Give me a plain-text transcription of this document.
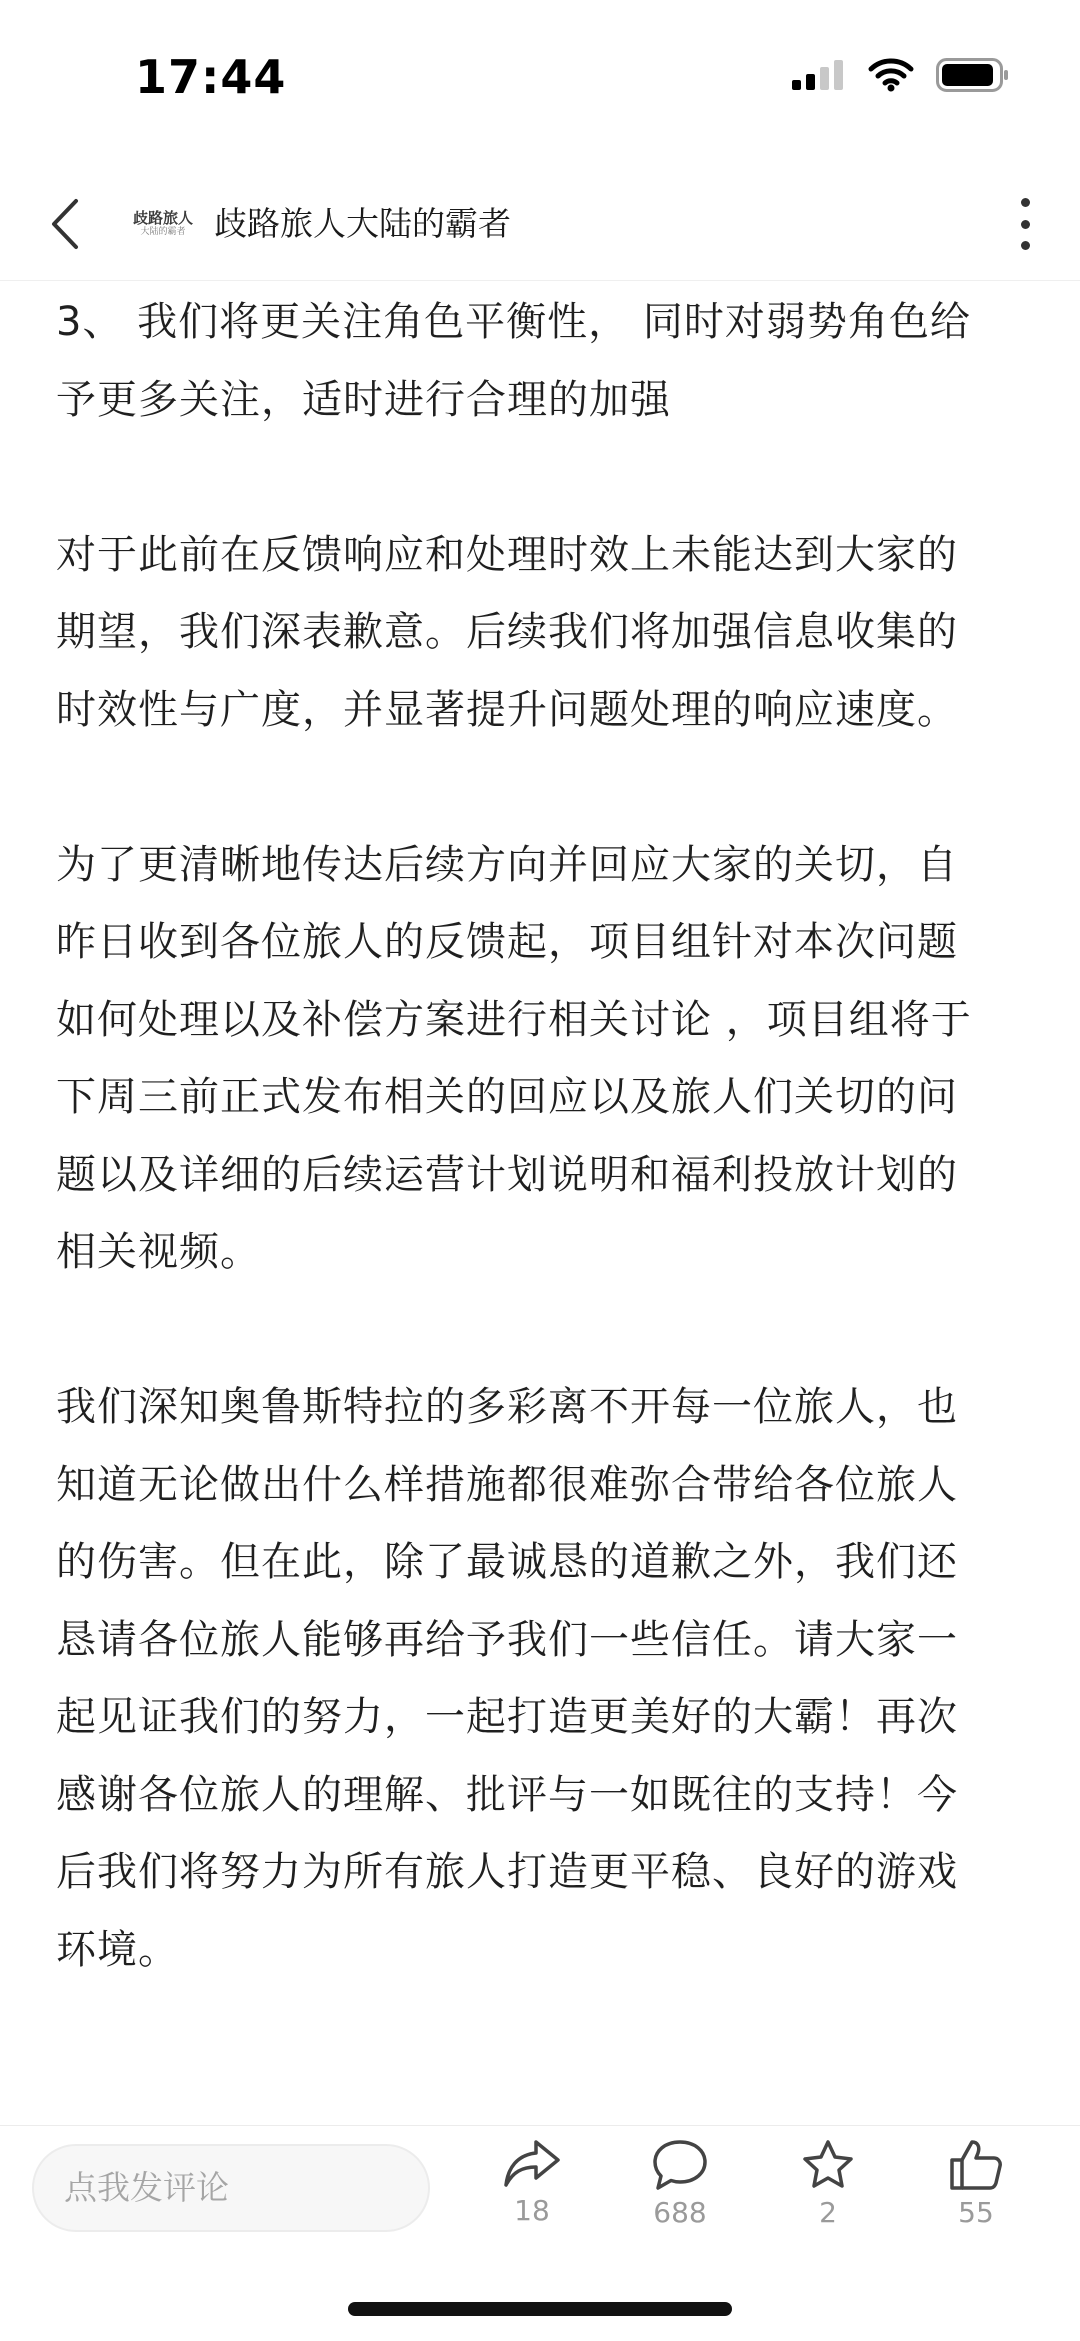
17:44
歧路旅人
大陆的霸者 歧路旅人大陆的霸者

3、 我们将更关注角色平衡性， 同时对弱势角色给予更多关注，适时进行合理的加强

对于此前在反馈响应和处理时效上未能达到大家的期望，我们深表歉意。后续我们将加强信息收集的时效性与广度，并显著提升问题处理的响应速度。

为了更清晰地传达后续方向并回应大家的关切，自昨日收到各位旅人的反馈起，项目组针对本次问题如何处理以及补偿方案进行相关讨论 ，项目组将于下周三前正式发布相关的回应以及旅人们关切的问题以及详细的后续运营计划说明和福利投放计划的相关视频。

我们深知奥鲁斯特拉的多彩离不开每一位旅人，也知道无论做出什么样措施都很难弥合带给各位旅人的伤害。但在此，除了最诚恳的道歉之外，我们还恳请各位旅人能够再给予我们一些信任。请大家一起见证我们的努力，一起打造更美好的大霸！再次感谢各位旅人的理解、批评与一如既往的支持！今后我们将努力为所有旅人打造更平稳、良好的游戏环境。

点我发评论
18	688	2	55
